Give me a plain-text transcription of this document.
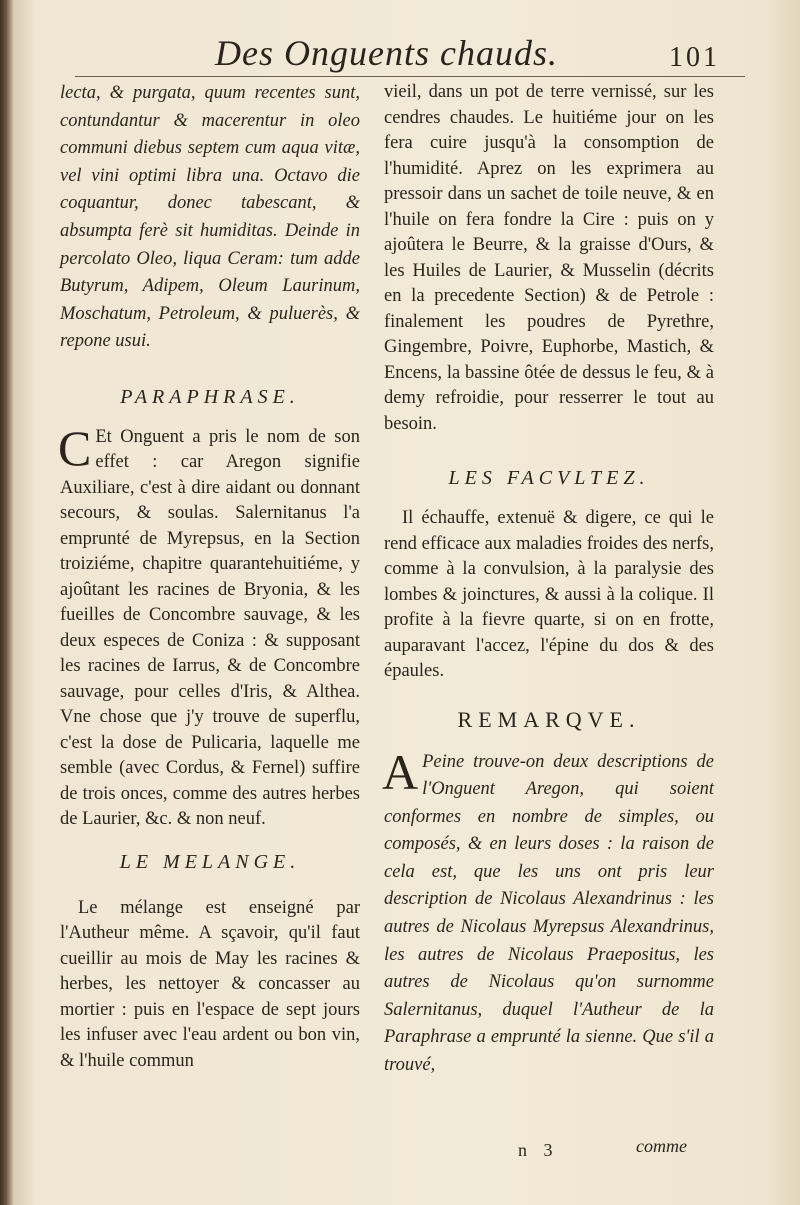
Des Onguents chauds.	101

lecta, & purgata, quum recentes sunt, contundantur & macerentur in oleo communi diebus septem cum aqua vitæ, vel vini optimi libra una. Octavo die coquantur, donec tabescant, & absumpta ferè sit humiditas. Deinde in percolato Oleo, liqua Ceram: tum adde Butyrum, Adipem, Oleum Laurinum, Moschatum, Petroleum, & puluerès, & repone usui.

PARAPHRASE.

C Et Onguent a pris le nom de son effet : car Aregon signifie Auxiliare, c'est à dire aidant ou donnant secours, & soulas. Salernitanus l'a emprunté de Myrepsus, en la Section troiziéme, chapitre quarantehuitiéme, y ajoûtant les racines de Bryonia, & les fueilles de Concombre sauvage, & les deux especes de Coniza : & supposant les racines de Iarrus, & de Concombre sauvage, pour celles d'Iris, & Althea. Vne chose que j'y trouve de superflu, c'est la dose de Pulicaria, laquelle me semble (avec Cordus, & Fernel) suffire de trois onces, comme des autres herbes de Laurier, &c. & non neuf.

LE MELANGE.

Le mélange est enseigné par l'Autheur même. A sçavoir, qu'il faut cueillir au mois de May les racines & herbes, les nettoyer & concasser au mortier : puis en l'espace de sept jours les infuser avec l'eau ardent ou bon vin, & l'huile commun

vieil, dans un pot de terre vernissé, sur les cendres chaudes. Le huitiéme jour on les fera cuire jusqu'à la consomption de l'humidité. Aprez on les exprimera au pressoir dans un sachet de toile neuve, & en l'huile on fera fondre la Cire : puis on y ajoûtera le Beurre, & la graisse d'Ours, & les Huiles de Laurier, & Musselin (décrits en la precedente Section) & de Petrole : finalement les poudres de Pyrethre, Gingembre, Poivre, Euphorbe, Mastich, & Encens, la bassine ôtée de dessus le feu, & à demy refroidie, pour resserrer le tout au besoin.

LES FACVLTEZ.

Il échauffe, extenuë & digere, ce qui le rend efficace aux maladies froides des nerfs, comme à la convulsion, à la paralysie des lombes & joinctures, & aussi à la colique. Il profite à la fievre quarte, si on en frotte, auparavant l'accez, l'épine du dos & des épaules.

REMARQVE.

A Peine trouve-on deux descriptions de l'Onguent Aregon, qui soient conformes en nombre de simples, ou composés, & en leurs doses : la raison de cela est, que les uns ont pris leur description de Nicolaus Alexandrinus : les autres de Nicolaus Myrepsus Alexandrinus, les autres de Nicolaus Praepositus, les autres de Nicolaus qu'on surnomme Salernitanus, duquel l'Autheur de la Paraphrase a emprunté la sienne. Que s'il a trouvé,

n 3	comme
